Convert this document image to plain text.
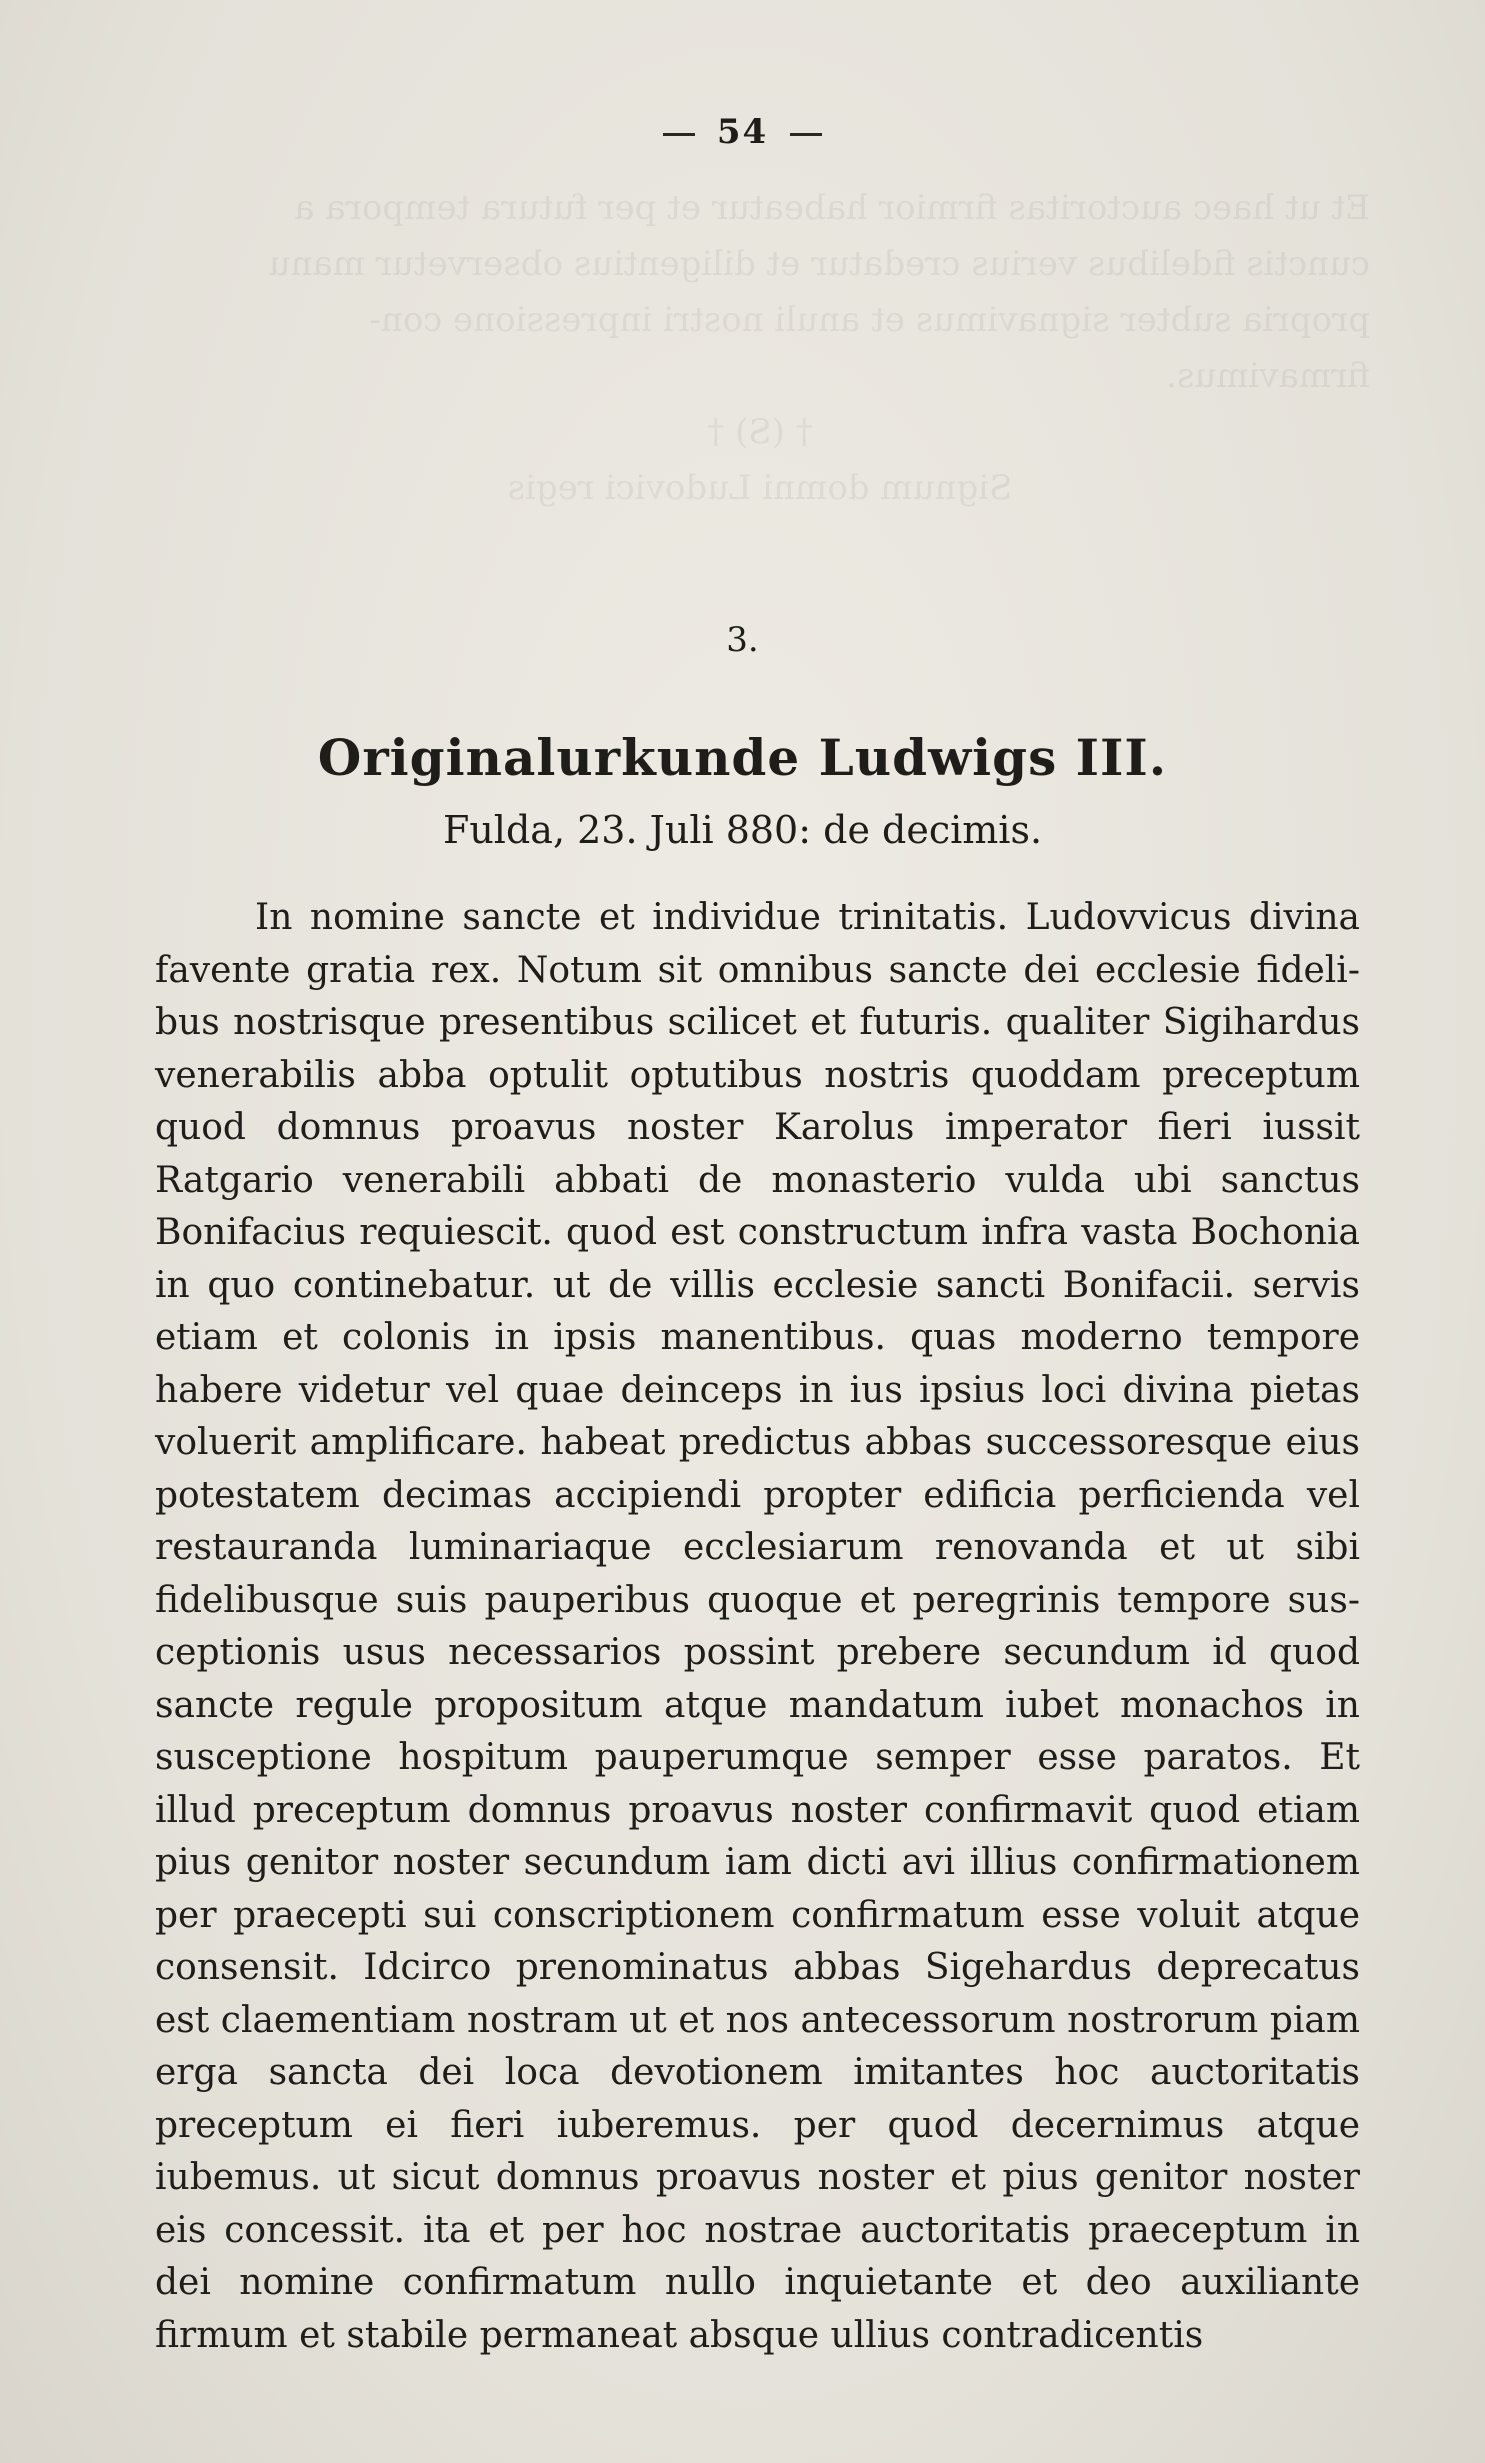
Et ut haec auctoritas firmior habeatur et per futura tempora a
cunctis fidelibus verius credatur et diligentius observetur manu
propria subter signavimus et anuli nostri inpressione con-
firmavimus.
† (S) †
Signum domni Ludovici regis
54
3.
Originalurkunde Ludwigs III.
Fulda, 23. Juli 880: de decimis.

In nomine sancte et individue trinitatis. Ludovvicus divina favente gratia rex. Notum sit omnibus sancte dei ecclesie fidelibus nostrisque presentibus scilicet et futuris. qualiter Sigihardus venerabilis abba optulit optutibus nostris quoddam preceptum quod domnus proavus noster Karolus imperator fieri iussit Ratgario venerabili abbati de monasterio vulda ubi sanctus Bonifacius requiescit. quod est constructum infra vasta Bochonia in quo continebatur. ut de villis ecclesie sancti Bonifacii. servis etiam et colonis in ipsis manentibus. quas moderno tempore habere videtur vel quae deinceps in ius ipsius loci divina pietas voluerit amplificare. habeat predictus abbas successoresque eius potestatem decimas accipiendi propter edificia perficienda vel restauranda luminariaque ecclesiarum renovanda et ut sibi fidelibusque suis pauperibus quoque et peregrinis tempore susceptionis usus necessarios possint prebere secundum id quod sancte regule propositum atque mandatum iubet monachos in susceptione hospitum pauperumque semper esse paratos. Et illud preceptum domnus proavus noster confirmavit quod etiam pius genitor noster secundum iam dicti avi illius confirmationem per praecepti sui conscriptionem confirmatum esse voluit atque consensit. Idcirco prenominatus abbas Sigehardus deprecatus est claementiam nostram ut et nos antecessorum nostrorum piam erga sancta dei loca devotionem imitantes hoc auctoritatis preceptum ei fieri iuberemus. per quod decernimus atque iubemus. ut sicut domnus proavus noster et pius genitor noster eis concessit. ita et per hoc nostrae auctoritatis praeceptum in dei nomine confirmatum nullo inquietante et deo auxiliante firmum et stabile permaneat absque ullius contradicentis
